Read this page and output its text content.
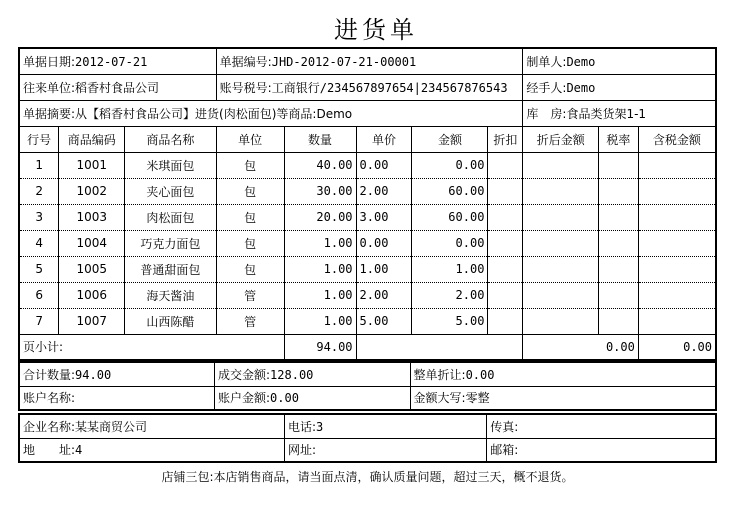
进货单
单据日期:2012-07-21			单据编号:JHD-2012-07-21-00001					制单人:Demo		
往来单位:稻香村食品公司			账号税号:工商银行/234567897654|234567876543					经手人:Demo		
单据摘要:从【稻香村食品公司】进货(肉松面包)等商品:Demo								库　房:食品类货架1-1		
行号	商品编码	商品名称	单位	数量	单价	金额	折扣	折后金额	税率	含税金额
1	1001	米琪面包	包	40.00	0.00	0.00				
2	1002	夹心面包	包	30.00	2.00	60.00				
3	1003	肉松面包	包	20.00	3.00	60.00				
4	1004	巧克力面包	包	1.00	0.00	0.00				
5	1005	普通甜面包	包	1.00	1.00	1.00				
6	1006	海天酱油	管	1.00	2.00	2.00				
7	1007	山西陈醋	管	1.00	5.00	5.00				
页小计:				94.00				0.00		0.00
合计数量:94.00	成交金额:128.00	整单折让:0.00
账户名称:	账户金额:0.00	金额大写:零整
企业名称:某某商贸公司	电话:3	传真:
地　　址:4	网址:	邮箱:
店铺三包:本店销售商品，请当面点清，确认质量问题，超过三天，概不退货。
